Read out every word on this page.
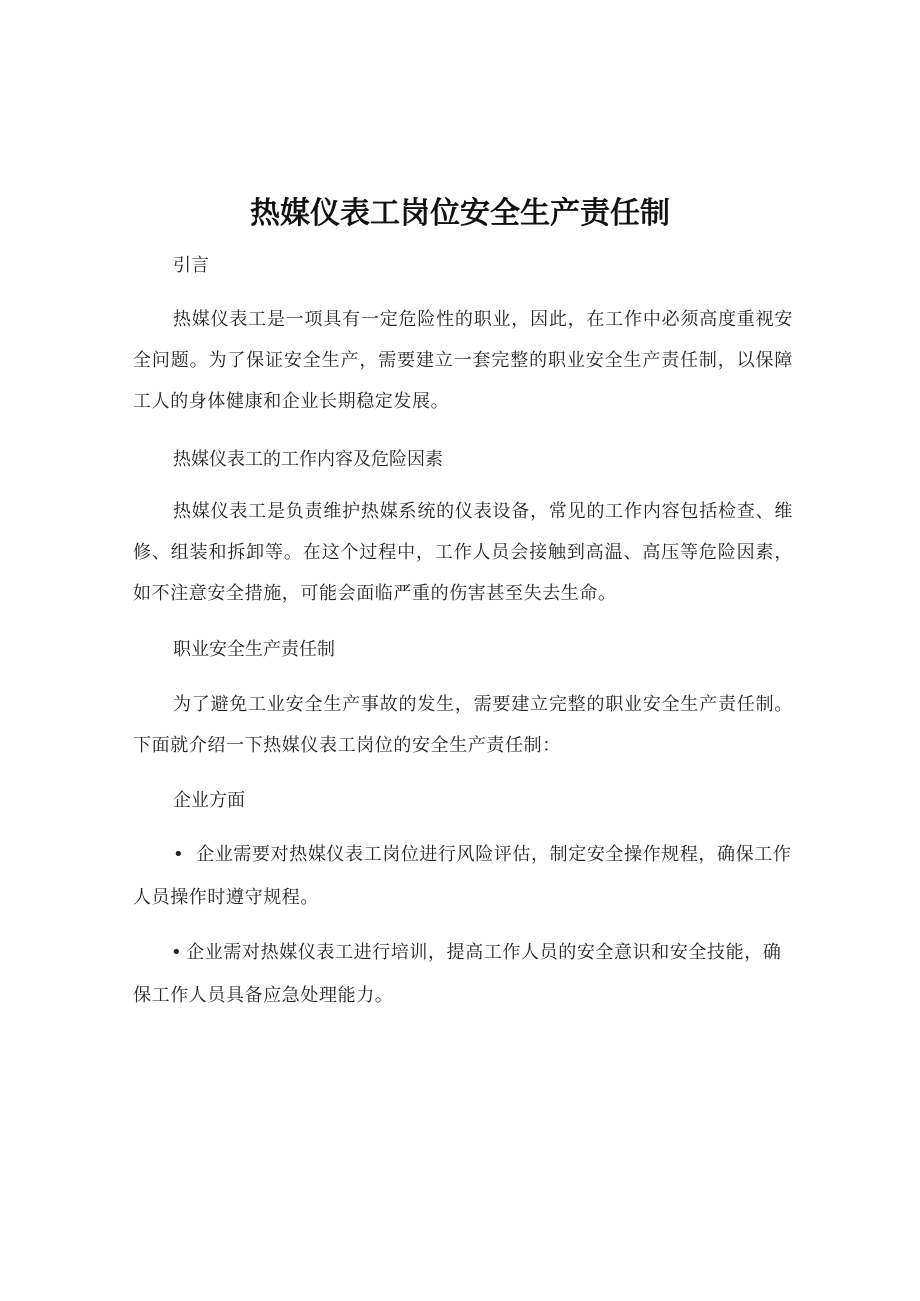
热媒仪表工岗位安全生产责任制
引言
热媒仪表工是一项具有一定危险性的职业，因此，在工作中必须高度重视安全问题。为了保证安全生产，需要建立一套完整的职业安全生产责任制，以保障工人的身体健康和企业长期稳定发展。
热媒仪表工的工作内容及危险因素
热媒仪表工是负责维护热媒系统的仪表设备，常见的工作内容包括检查、维修、组装和拆卸等。在这个过程中，工作人员会接触到高温、高压等危险因素，如不注意安全措施，可能会面临严重的伤害甚至失去生命。
职业安全生产责任制
为了避免工业安全生产事故的发生，需要建立完整的职业安全生产责任制。下面就介绍一下热媒仪表工岗位的安全生产责任制：
企业方面
• 企业需要对热媒仪表工岗位进行风险评估，制定安全操作规程，确保工作人员操作时遵守规程。
• 企业需对热媒仪表工进行培训，提高工作人员的安全意识和安全技能，确保工作人员具备应急处理能力。
